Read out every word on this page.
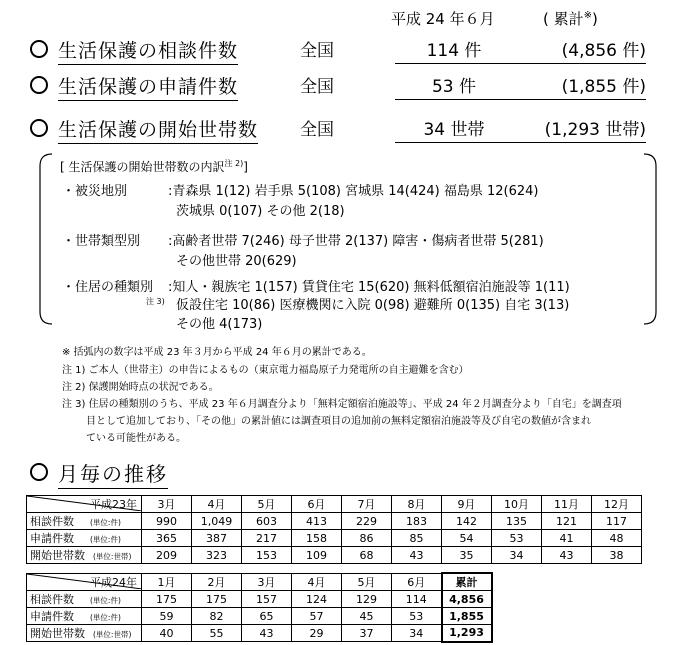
平成 24 年６月	( 累計※)
生活保護の相談件数	全国	114 件	(4,856 件)
生活保護の申請件数	全国	53 件	(1,855 件)
生活保護の開始世帯数 全国	34 世帯	(1,293 世帯)
[ 生活保護の開始世帯数の内訳$^{注 2)}$]
・被災地別	:青森県 1(12) 岩手県 5(108) 宮城県 14(424) 福島県 12(624)
茨城県 0(107) その他 2(18)
・世帯類型別 :高齢者世帯 7(246) 母子世帯 2(137) 障害・傷病者世帯 5(281)
その他世帯 20(629)
・住居の種類別
注 3)
:知人・親族宅 1(157) 賃貸住宅 15(620) 無料低額宿泊施設等 1(11)
仮設住宅 10(86) 医療機関に入院 0(98) 避難所 0(135) 自宅 3(13)
その他 4(173)
※ 括弧内の数字は平成 23 年３月から平成 24 年６月の累計である。
注 1) ご本人（世帯主）の申告によるもの（東京電力福島原子力発電所の自主避難を含む）
注 2) 保護開始時点の状況である。
注 3) 住居の種類別のうち、平成 23 年６月調査分より「無料定額宿泊施設等」、平成 24 年２月調査分より「自宅」を調査項
目として追加しており、「その他」の累計値には調査項目の追加前の無料定額宿泊施設等及び自宅の数値が含まれ
ている可能性がある。
月毎の推移
平成23年	3月	4月	5月	6月	7月	8月	9月	10月	11月	12月
相談件数 (単位:件)	990	1,049	603	413	229	183	142	135	121	117
申請件数 (単位:件)	365	387	217	158	86	85	54	53	41	48
開始世帯数 (単位:世帯)	209	323	153	109	68	43	35	34	43	38
平成24年	1月	2月	3月	4月	5月	6月	累計
相談件数 (単位:件)	175	175	157	124	129	114	4,856
申請件数 (単位:件)	59	82	65	57	45	53	1,855
開始世帯数 (単位:世帯)	40	55	43	29	37	34	1,293
